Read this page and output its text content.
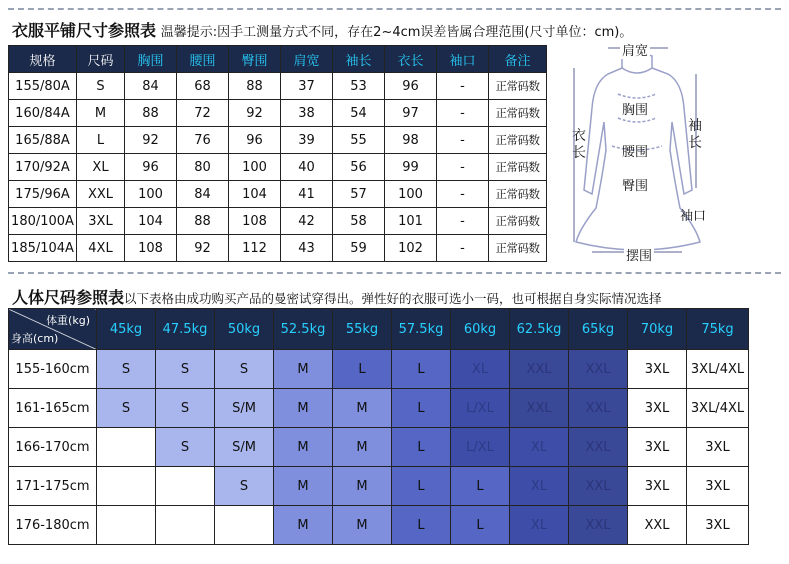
衣服平铺尺寸参照表 温馨提示:因手工测量方式不同，存在2~4cm误差皆属合理范围(尺寸单位：cm)。
规格	尺码	胸围	腰围	臀围	肩宽	袖长	衣长	袖口	备注
155/80A	S	84	68	88	37	53	96	-	正常码数
160/84A	M	88	72	92	38	54	97	-	正常码数
165/88A	L	92	76	96	39	55	98	-	正常码数
170/92A	XL	96	80	100	40	56	99	-	正常码数
175/96A	XXL	100	84	104	41	57	100	-	正常码数
180/100A	3XL	104	88	108	42	58	101	-	正常码数
185/104A	4XL	108	92	112	43	59	102	-	正常码数
肩宽
衣长
袖长
胸围
腰围
臀围
袖口
摆围
人体尺码参照表以下表格由成功购买产品的曼密试穿得出。弹性好的衣服可选小一码，也可根据自身实际情况选择
体重(kg)
身高(cm)	45kg	47.5kg	50kg	52.5kg	55kg	57.5kg	60kg	62.5kg	65kg	70kg	75kg
155-160cm	S	S	S	M	L	L	XL	XXL	XXL	3XL	3XL/4XL
161-165cm	S	S	S/M	M	M	L	L/XL	XXL	XXL	3XL	3XL/4XL
166-170cm		S	S/M	M	M	L	L/XL	XL	XXL	3XL	3XL
171-175cm			S	M	M	L	L	XL	XXL	3XL	3XL
176-180cm				M	M	L	L	XL	XXL	XXL	3XL
